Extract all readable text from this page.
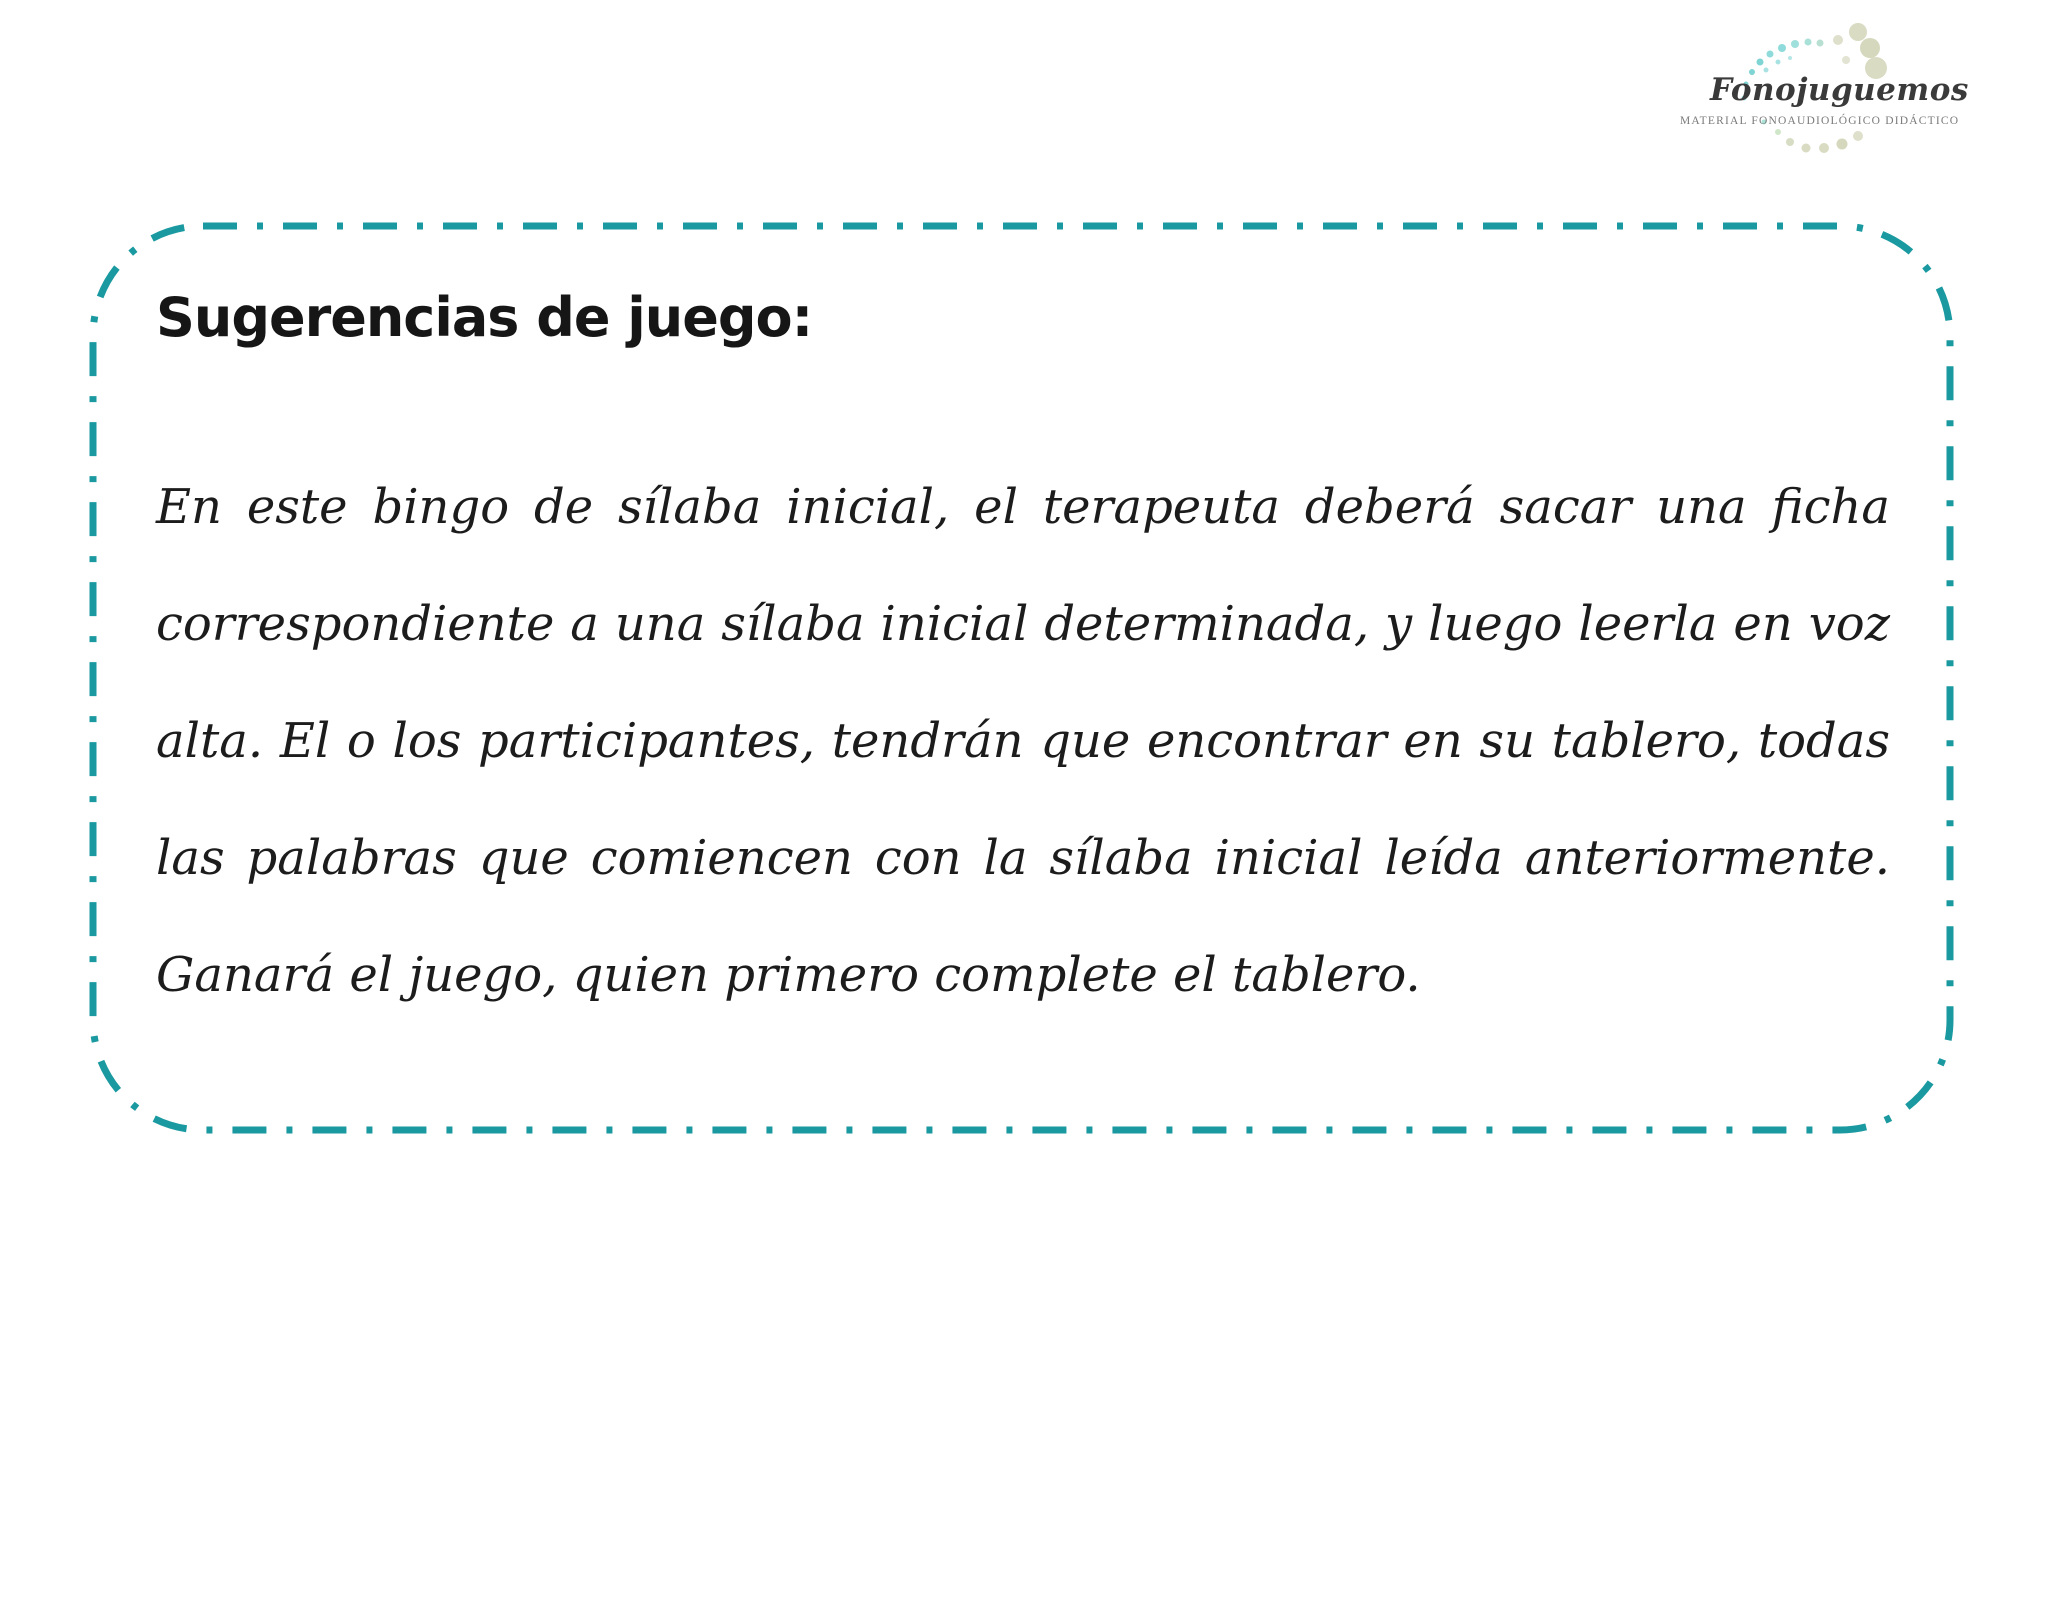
Fonojuguemos
MATERIAL FONOAUDIOLÓGICO DIDÁCTICO
Sugerencias de juego:

En este bingo de sílaba inicial, el terapeuta deberá sacar una ficha correspondiente a una sílaba inicial determinada, y luego leerla en voz alta. El o los participantes, tendrán que encontrar en su tablero, todas las palabras que comiencen con la sílaba inicial leída anteriormente. Ganará el juego, quien primero complete el tablero.
